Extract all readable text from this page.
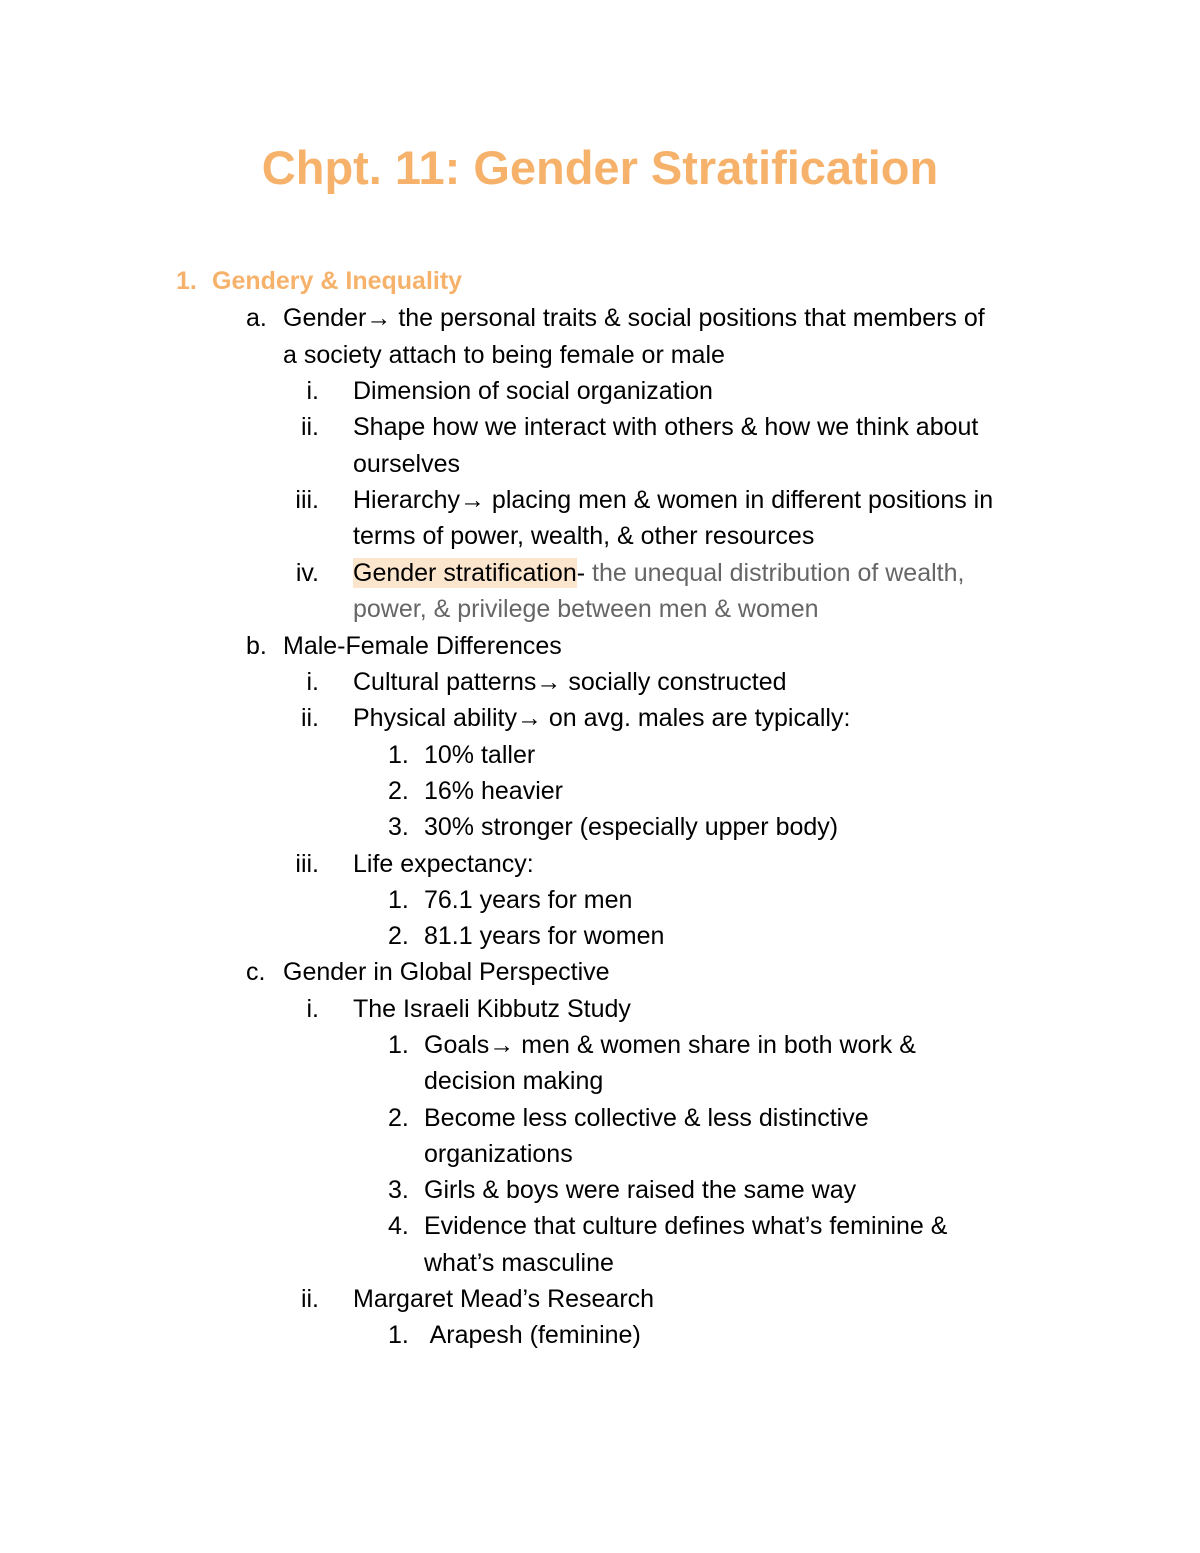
Chpt. 11: Gender Stratification
1. Gendery & Inequality
a. Gender→ the personal traits & social positions that members of
a society attach to being female or male
i. Dimension of social organization
ii. Shape how we interact with others & how we think about
ourselves
iii. Hierarchy→ placing men & women in different positions in
terms of power, wealth, & other resources
iv. Gender stratification- the unequal distribution of wealth,
power, & privilege between men & women
b. Male-Female Differences
i. Cultural patterns→ socially constructed
ii. Physical ability→ on avg. males are typically:
1. 10% taller
2. 16% heavier
3. 30% stronger (especially upper body)
iii. Life expectancy:
1. 76.1 years for men
2. 81.1 years for women
c. Gender in Global Perspective
i. The Israeli Kibbutz Study
1. Goals→ men & women share in both work &
decision making
2. Become less collective & less distinctive
organizations
3. Girls & boys were raised the same way
4. Evidence that culture defines what’s feminine &
what’s masculine
ii. Margaret Mead’s Research
1. Arapesh (feminine)
